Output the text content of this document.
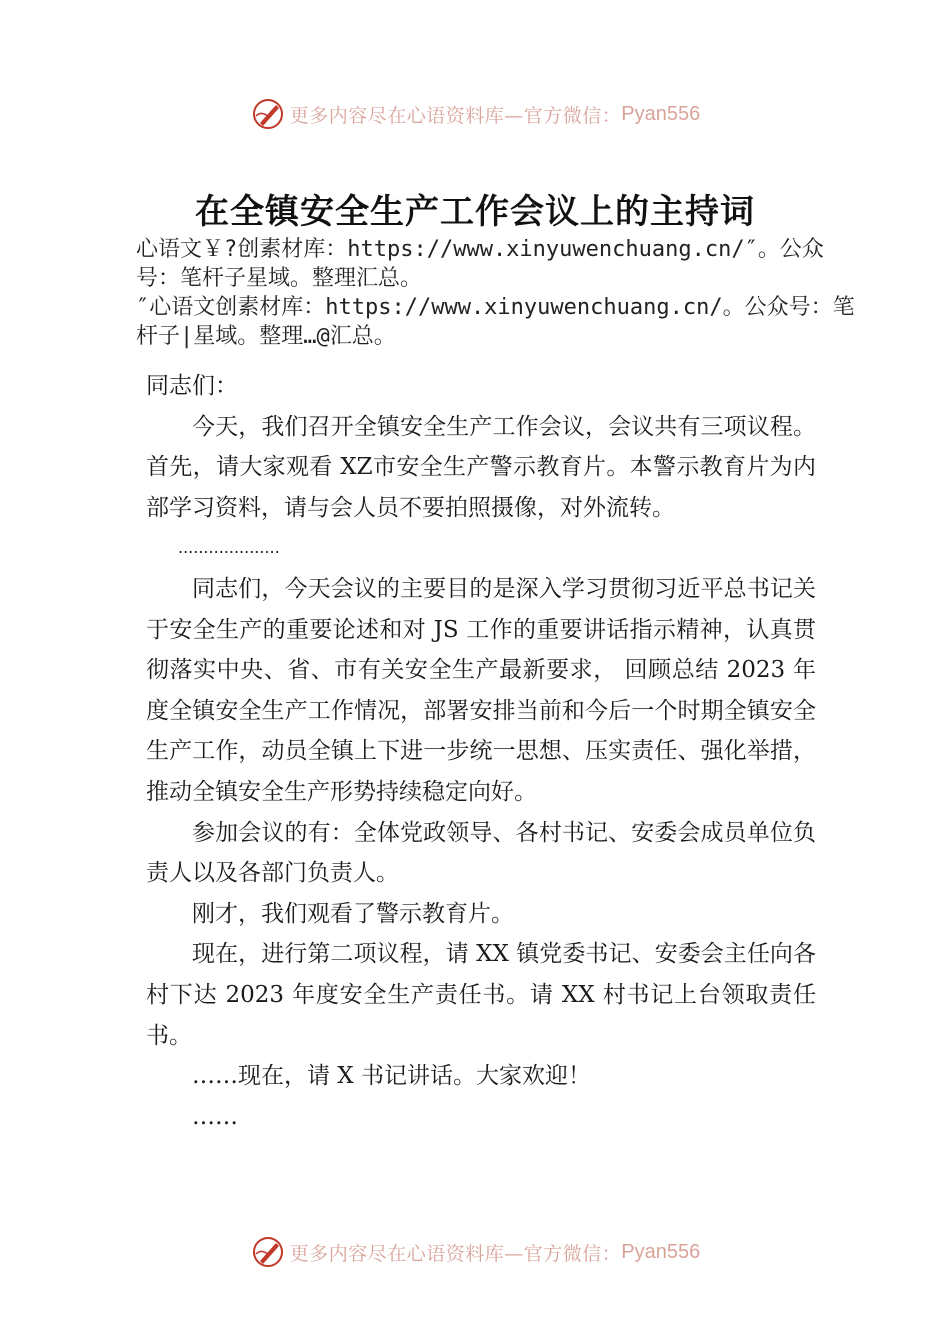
更多内容尽在心语资料库—官方微信： Pyan556
在全镇安全生产工作会议上的主持词
心语文￥?创素材库：https://www.xinyuwenchuang.cn/″。公众号：笔杆子星域。整理汇总。
″心语文创素材库：https://www.xinyuwenchuang.cn/。公众号：笔杆子|星域。整理…@汇总。

同志们：

今天，我们召开全镇安全生产工作会议，会议共有三项议程。首先，请大家观看 XZ市安全生产警示教育片。本警示教育片为内部学习资料，请与会人员不要拍照摄像，对外流转。

....................

同志们，今天会议的主要目的是深入学习贯彻习近平总书记关于安全生产的重要论述和对 JS 工作的重要讲话指示精神，认真贯彻落实中央、省、市有关安全生产最新要求， 回顾总结 2023 年度全镇安全生产工作情况，部署安排当前和今后一个时期全镇安全生产工作，动员全镇上下进一步统一思想、压实责任、强化举措，推动全镇安全生产形势持续稳定向好。

参加会议的有：全体党政领导、各村书记、安委会成员单位负责人以及各部门负责人。

刚才，我们观看了警示教育片。

现在，进行第二项议程，请 XX 镇党委书记、安委会主任向各村下达 2023 年度安全生产责任书。请 XX 村书记上台领取责任书。

……现在，请 X 书记讲话。大家欢迎！

……

更多内容尽在心语资料库—官方微信： Pyan556
